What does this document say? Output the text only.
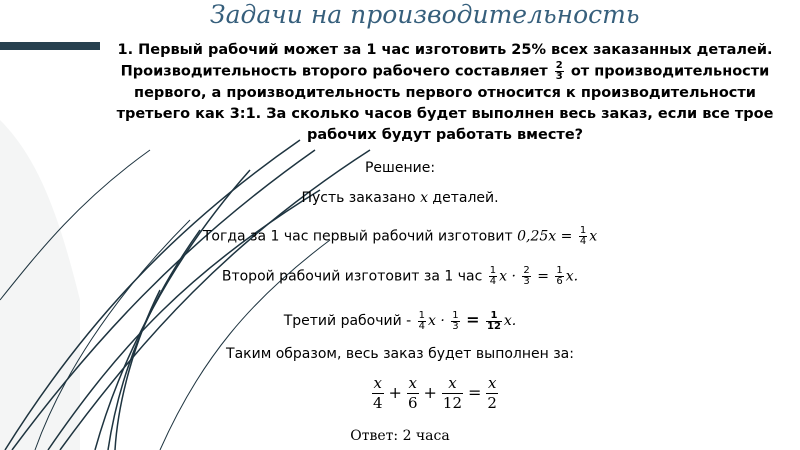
Задачи на производительность

1. Первый рабочий может за 1 час изготовить 25% всех заказанных деталей. Производительность второго рабочего составляет $\frac{2}{3}$ от производительности первого, а производительность первого относится к производительности третьего как 3:1. За сколько часов будет выполнен весь заказ, если все трое рабочих будут работать вместе?

Решение:
Пусть заказано x деталей.
Тогда за 1 час первый рабочий изготовит $0,25x = \frac{1}{4}$ x
Второй рабочий изготовит за 1 час $\frac{1}{4}$ $x \cdot \frac{2}{3} = \frac{1}{6} x$.
Третий рабочий - $\frac{1}{4}$ $x \cdot \frac{1}{3} = \frac{1}{12} x$.
Таким образом, весь заказ будет выполнен за:
$\frac{x}{4} + \frac{x}{6} + \frac{x}{12} = \frac{x}{2}$
Ответ: 2 часа
